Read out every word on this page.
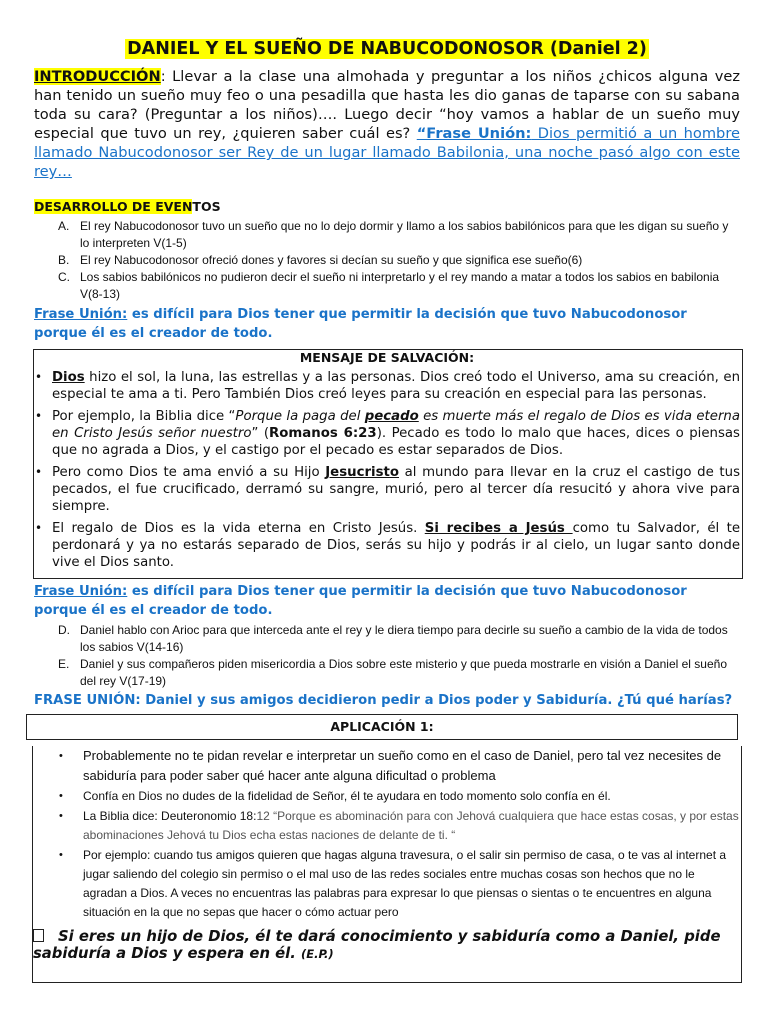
DANIEL Y EL SUEÑO DE NABUCODONOSOR (Daniel 2)
INTRODUCCIÓN: Llevar a la clase una almohada y preguntar a los niños ¿chicos alguna vez han tenido un sueño muy feo o una pesadilla que hasta les dio ganas de taparse con su sabana toda su cara? (Preguntar a los niños)…. Luego decir “hoy vamos a hablar de un sueño muy especial que tuvo un rey, ¿quieren saber cuál es? “Frase Unión: Dios permitió a un hombre llamado Nabucodonosor ser Rey de un lugar llamado Babilonia, una noche pasó algo con este rey…
DESARROLLO DE EVENTOS
A. El rey Nabucodonosor tuvo un sueño que no lo dejo dormir y llamo a los sabios babilónicos para que les digan su sueño y lo interpreten V(1-5)
B. El rey Nabucodonosor ofreció dones y favores si decían su sueño y que significa ese sueño(6)
C. Los sabios babilónicos no pudieron decir el sueño ni interpretarlo y el rey mando a matar a todos los sabios en babilonia V(8-13)
Frase Unión: es difícil para Dios tener que permitir la decisión que tuvo Nabucodonosor porque él es el creador de todo.
MENSAJE DE SALVACIÓN:

• Dios hizo el sol, la luna, las estrellas y a las personas. Dios creó todo el Universo, ama su creación, en especial te ama a ti. Pero También Dios creó leyes para su creación en especial para las personas.

• Por ejemplo, la Biblia dice “Porque la paga del pecado es muerte más el regalo de Dios es vida eterna en Cristo Jesús señor nuestro” (Romanos 6:23). Pecado es todo lo malo que haces, dices o piensas que no agrada a Dios, y el castigo por el pecado es estar separados de Dios.

• Pero como Dios te ama envió a su Hijo Jesucristo al mundo para llevar en la cruz el castigo de tus pecados, el fue crucificado, derramó su sangre, murió, pero al tercer día resucitó y ahora vive para siempre.

• El regalo de Dios es la vida eterna en Cristo Jesús. Si recibes a Jesús como tu Salvador, él te perdonará y ya no estarás separado de Dios, serás su hijo y podrás ir al cielo, un lugar santo donde vive el Dios santo.

Frase Unión: es difícil para Dios tener que permitir la decisión que tuvo Nabucodonosor porque él es el creador de todo.
D. Daniel hablo con Arioc para que interceda ante el rey y le diera tiempo para decirle su sueño a cambio de la vida de todos los sabios V(14-16)
E. Daniel y sus compañeros piden misericordia a Dios sobre este misterio y que pueda mostrarle en visión a Daniel el sueño del rey V(17-19)
FRASE UNIÓN: Daniel y sus amigos decidieron pedir a Dios poder y Sabiduría. ¿Tú qué harías?
APLICACIÓN 1:
• Probablemente no te pidan revelar e interpretar un sueño como en el caso de Daniel, pero tal vez necesites de sabiduría para poder saber qué hacer ante alguna dificultad o problema
• Confía en Dios no dudes de la fidelidad de Señor, él te ayudara en todo momento solo confía en él.
• La Biblia dice: Deuteronomio 18:12 “Porque es abominación para con Jehová cualquiera que hace estas cosas, y por estas abominaciones Jehová tu Dios echa estas naciones de delante de ti. “
• Por ejemplo: cuando tus amigos quieren que hagas alguna travesura, o el salir sin permiso de casa, o te vas al internet a jugar saliendo del colegio sin permiso o el mal uso de las redes sociales entre muchas cosas son hechos que no le agradan a Dios. A veces no encuentras las palabras para expresar lo que piensas o sientas o te encuentres en alguna situación en la que no sepas que hacer o cómo actuar pero
Si eres un hijo de Dios, él te dará conocimiento y sabiduría como a Daniel, pide sabiduría a Dios y espera en él. (E.P.)
